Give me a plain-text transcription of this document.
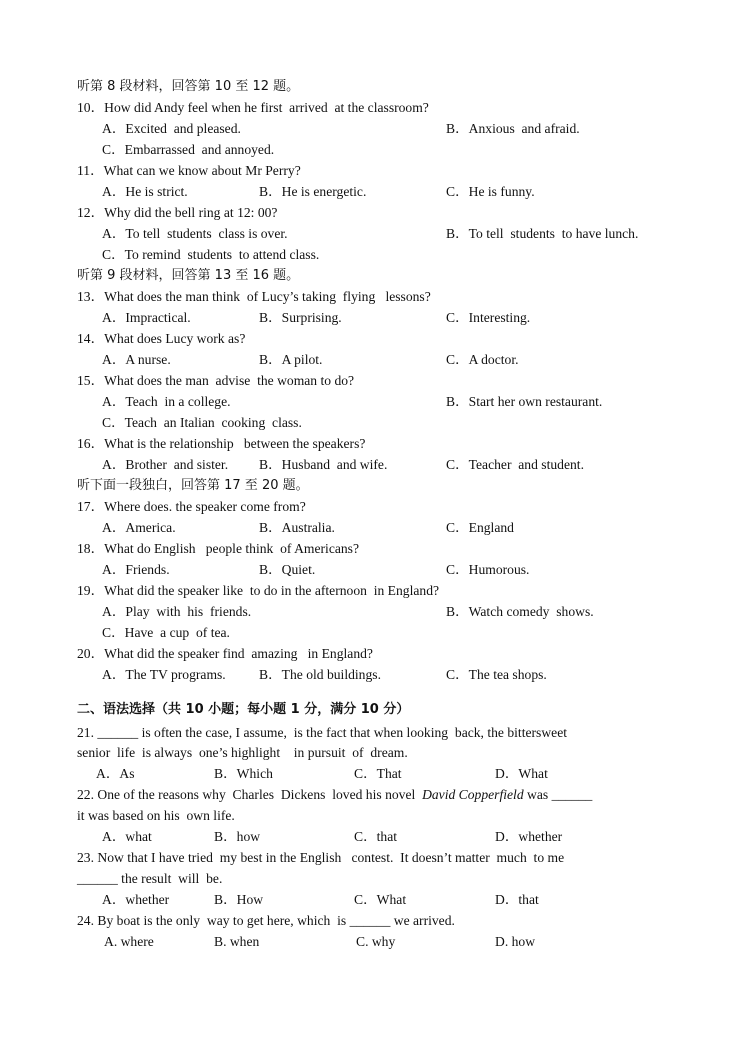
听第 8 段材料，回答第 10 至 12 题。

10．How did Andy feel when he first  arrived  at the classroom?

A．Excited  and pleased.

	B．Anxious  and afraid.

C．Embarrassed  and annoyed.

11．What can we know about Mr Perry?

A．He is strict.

	B．He is energetic.

	C．He is funny.

12．Why did the bell ring at 12: 00?

A．To tell  students  class is over.

	B．To tell  students  to have lunch.

C．To remind  students  to attend class.

听第 9 段材料，回答第 13 至 16 题。

13．What does the man think  of Lucy’s taking  flying   lessons?

A．Impractical.

	B．Surprising.

	C．Interesting.

14．What does Lucy work as?

A．A nurse.

	B．A pilot.

	C．A doctor.

15．What does the man  advise  the woman to do?

A．Teach  in a college.

	B．Start her own restaurant.

C．Teach  an Italian  cooking  class.

16．What is the relationship   between the speakers?

A．Brother  and sister.

B．Husband  and wife.

	C．Teacher  and student.

听下面一段独白，回答第 17 至 20 题。

17．Where does. the speaker come from?

A．America.

	B．Australia.

	C．England

18．What do English   people think  of Americans?

A．Friends.

	B．Quiet.

	C．Humorous.

19．What did the speaker like  to do in the afternoon  in England?

A．Play  with  his  friends.

	B．Watch comedy  shows.

C．Have  a cup  of tea.

20．What did the speaker find  amazing   in England?

A．The TV programs.

B．The old buildings.

	C．The tea shops.

二、语法选择（共 10 小题；每小题 1 分，满分 10 分）

21. ______ is often the case, I assume,  is the fact that when looking  back, the bittersweet

senior  life  is always  one’s highlight    in pursuit  of  dream.

A．As

	B．Which

	C．That

	D．What

22. One of the reasons why  Charles  Dickens  loved his novel  David Copperfield was ______

it was based on his  own life.

A．what

	B．how

	C．that

	D．whether

23. Now that I have tried  my best in the English   contest.  It doesn’t matter  much  to me

______ the result  will  be.

A．whether

	B．How

	C．What

	D．that

24. By boat is the only  way to get here, which  is ______ we arrived.

A. where

	B. when

	C. why

	D. how
